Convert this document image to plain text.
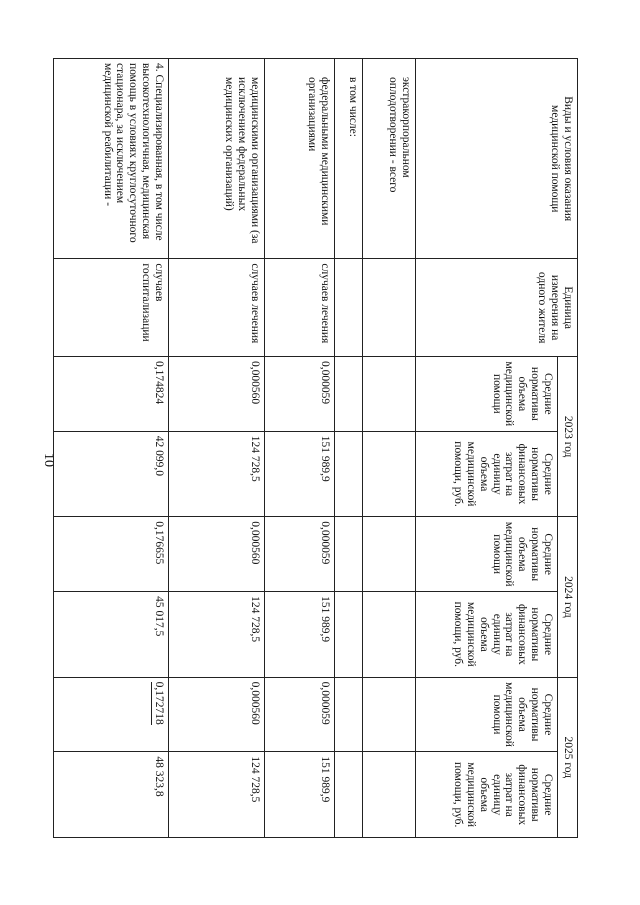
10
Виды и условия оказания медицинской помощи	Единица измерения на одного жителя	2023 год		2024 год		2025 год	
		Средние нормативы объема медицинской помощи	Средние нормативы финансовых затрат на единицу объема медицинской помощи, руб.	Средние нормативы объема медицинской помощи	Средние нормативы финансовых затрат на единицу объема медицинской помощи, руб.	Средние нормативы объема медицинской помощи	Средние нормативы финансовых затрат на единицу объема медицинской помощи, руб.
экстракорпоральном оплодотворении - всего							
в том числе:							
федеральными медицинскими организациями	случаев лечения	0,000059	151 989,9	0,000059	151 989,9	0,000059	151 989,9
медицинскими организациями (за исключением федеральных медицинских организаций)	случаев лечения	0,000560	124 728,5	0,000560	124 728,5	0,000560	124 728,5
4. Специализированная, в том числе высокотехнологичная, медицинская помощь в условиях круглосуточного стационара, за исключением медицинской реабилитации -	случаев госпитализации	0,174824	42 099,0	0,176655	45 017,5	0,172718	48 323,8
